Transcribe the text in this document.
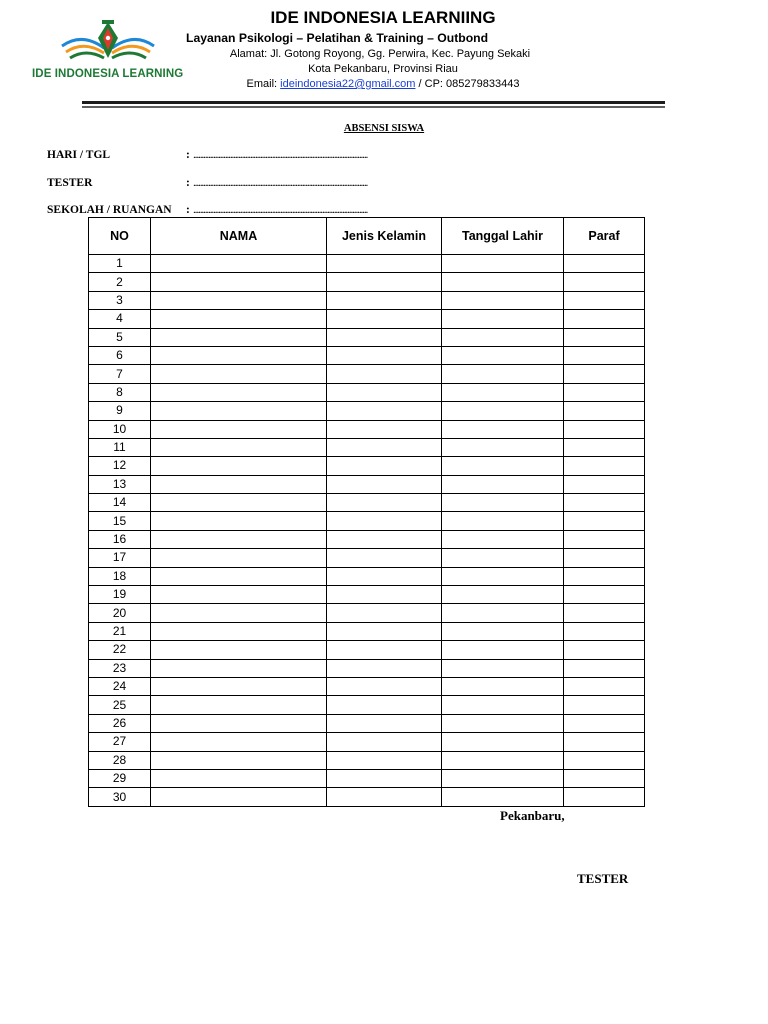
IDE INDONESIA LEARNING
IDE INDONESIA LEARNIING
Layanan Psikologi – Pelatihan & Training – Outbond
Alamat: Jl. Gotong Royong, Gg. Perwira, Kec. Payung Sekaki
Kota Pekanbaru, Provinsi Riau
Email: ideindonesia22@gmail.com / CP: 085279833443
ABSENSI SISWA
HARI / TGL	: ........................................................................................................
TESTER	: ........................................................................................................
SEKOLAH / RUANGAN : ........................................................................................................
NO	NAMA	Jenis Kelamin	Tanggal Lahir	Paraf
1				
2				
3				
4				
5				
6				
7				
8				
9				
10				
11				
12				
13				
14				
15				
16				
17				
18				
19				
20				
21				
22				
23				
24				
25				
26				
27				
28				
29				
30				
Pekanbaru,
TESTER
